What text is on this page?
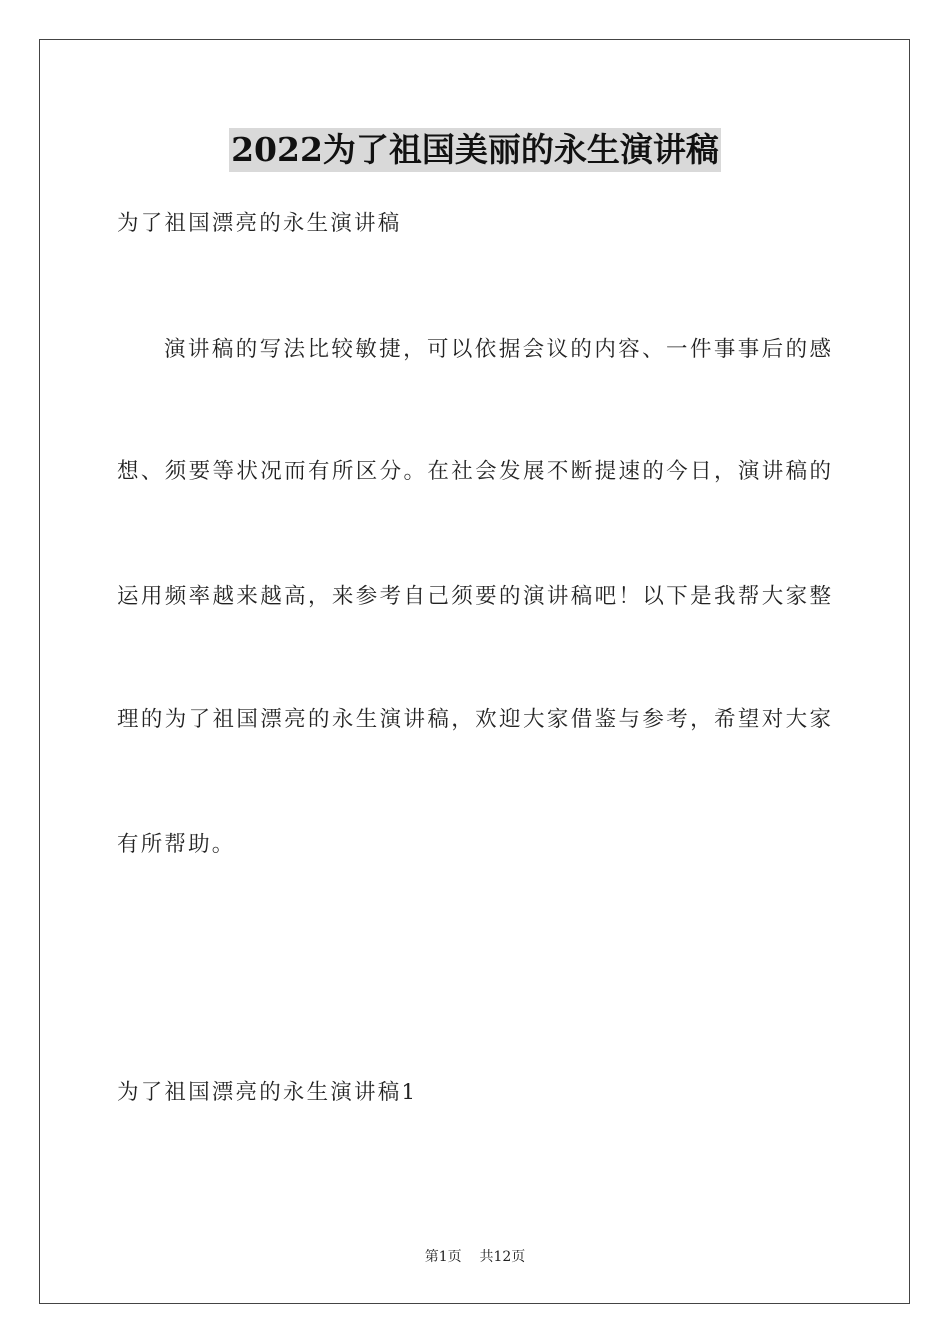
2022为了祖国美丽的永生演讲稿

为了祖国漂亮的永生演讲稿

演讲稿的写法比较敏捷，可以依据会议的内容、一件事事后的感

想、须要等状况而有所区分。在社会发展不断提速的今日，演讲稿的

运用频率越来越高，来参考自己须要的演讲稿吧！以下是我帮大家整

理的为了祖国漂亮的永生演讲稿，欢迎大家借鉴与参考，希望对大家

有所帮助。

为了祖国漂亮的永生演讲稿1

第1页 共12页
